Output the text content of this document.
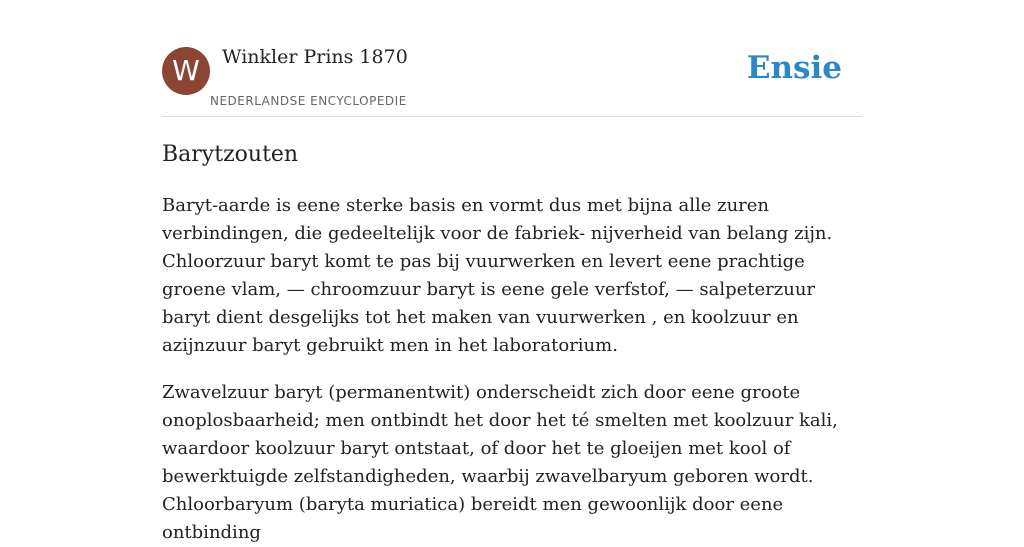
W	Winkler Prins 1870
NEDERLANDSE ENCYCLOPEDIE
Ensie
Barytzouten

Baryt-aarde is eene sterke basis en vormt dus met bijna alle zuren verbindingen, die gedeeltelijk voor de fabriek- nijverheid van belang zijn. Chloorzuur baryt komt te pas bij vuurwerken en levert eene prachtige groene vlam, — chroomzuur baryt is eene gele verfstof, — salpeterzuur baryt dient desgelijks tot het maken van vuurwerken , en koolzuur en azijnzuur baryt gebruikt men in het laboratorium.

Zwavelzuur baryt (permanentwit) onderscheidt zich door eene groote onoplosbaarheid; men ontbindt het door het té smelten met koolzuur kali, waardoor koolzuur baryt ontstaat, of door het te gloeijen met kool of bewerktuigde zelfstandigheden, waarbij zwavelbaryum geboren wordt. Chloorbaryum (baryta muriatica) bereidt men gewoonlijk door eene ontbinding
